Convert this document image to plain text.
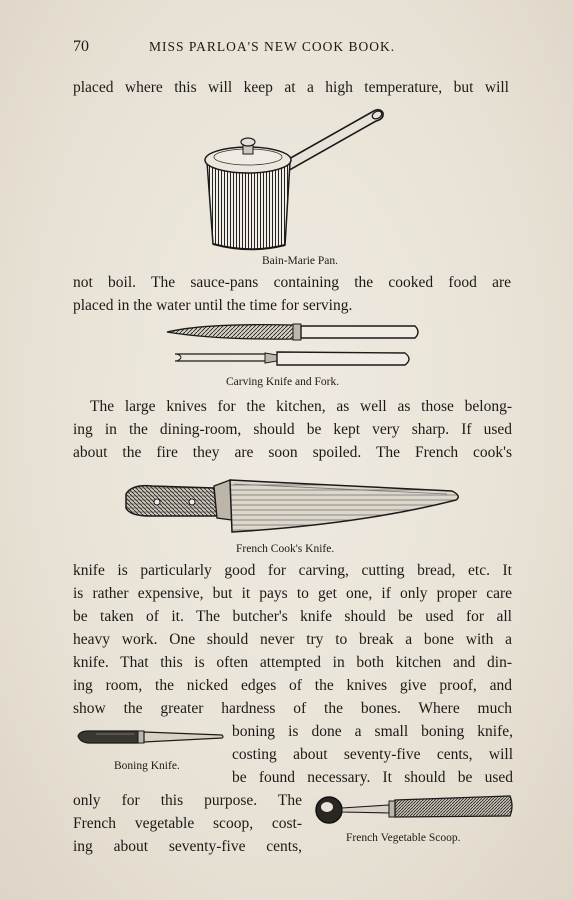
70	MISS PARLOA'S NEW COOK BOOK.
placed where this will keep at a high temperature, but will
Bain-Marie Pan.
not boil. The sauce-pans containing the cooked food are
placed in the water until the time for serving.
Carving Knife and Fork.
The large knives for the kitchen, as well as those belong-
ing in the dining-room, should be kept very sharp. If used
about the fire they are soon spoiled. The French cook's
French Cook's Knife.
knife is particularly good for carving, cutting bread, etc. It
is rather expensive, but it pays to get one, if only proper care
be taken of it. The butcher's knife should be used for all
heavy work. One should never try to break a bone with a
knife. That this is often attempted in both kitchen and din-
ing room, the nicked edges of the knives give proof, and
show the greater hardness of the bones. Where much
Boning Knife.
boning is done a small boning knife,
costing about seventy-five cents, will
be found necessary. It should be used
only for this purpose. The
French vegetable scoop, cost-
ing about seventy-five cents,	French Vegetable Scoop.
